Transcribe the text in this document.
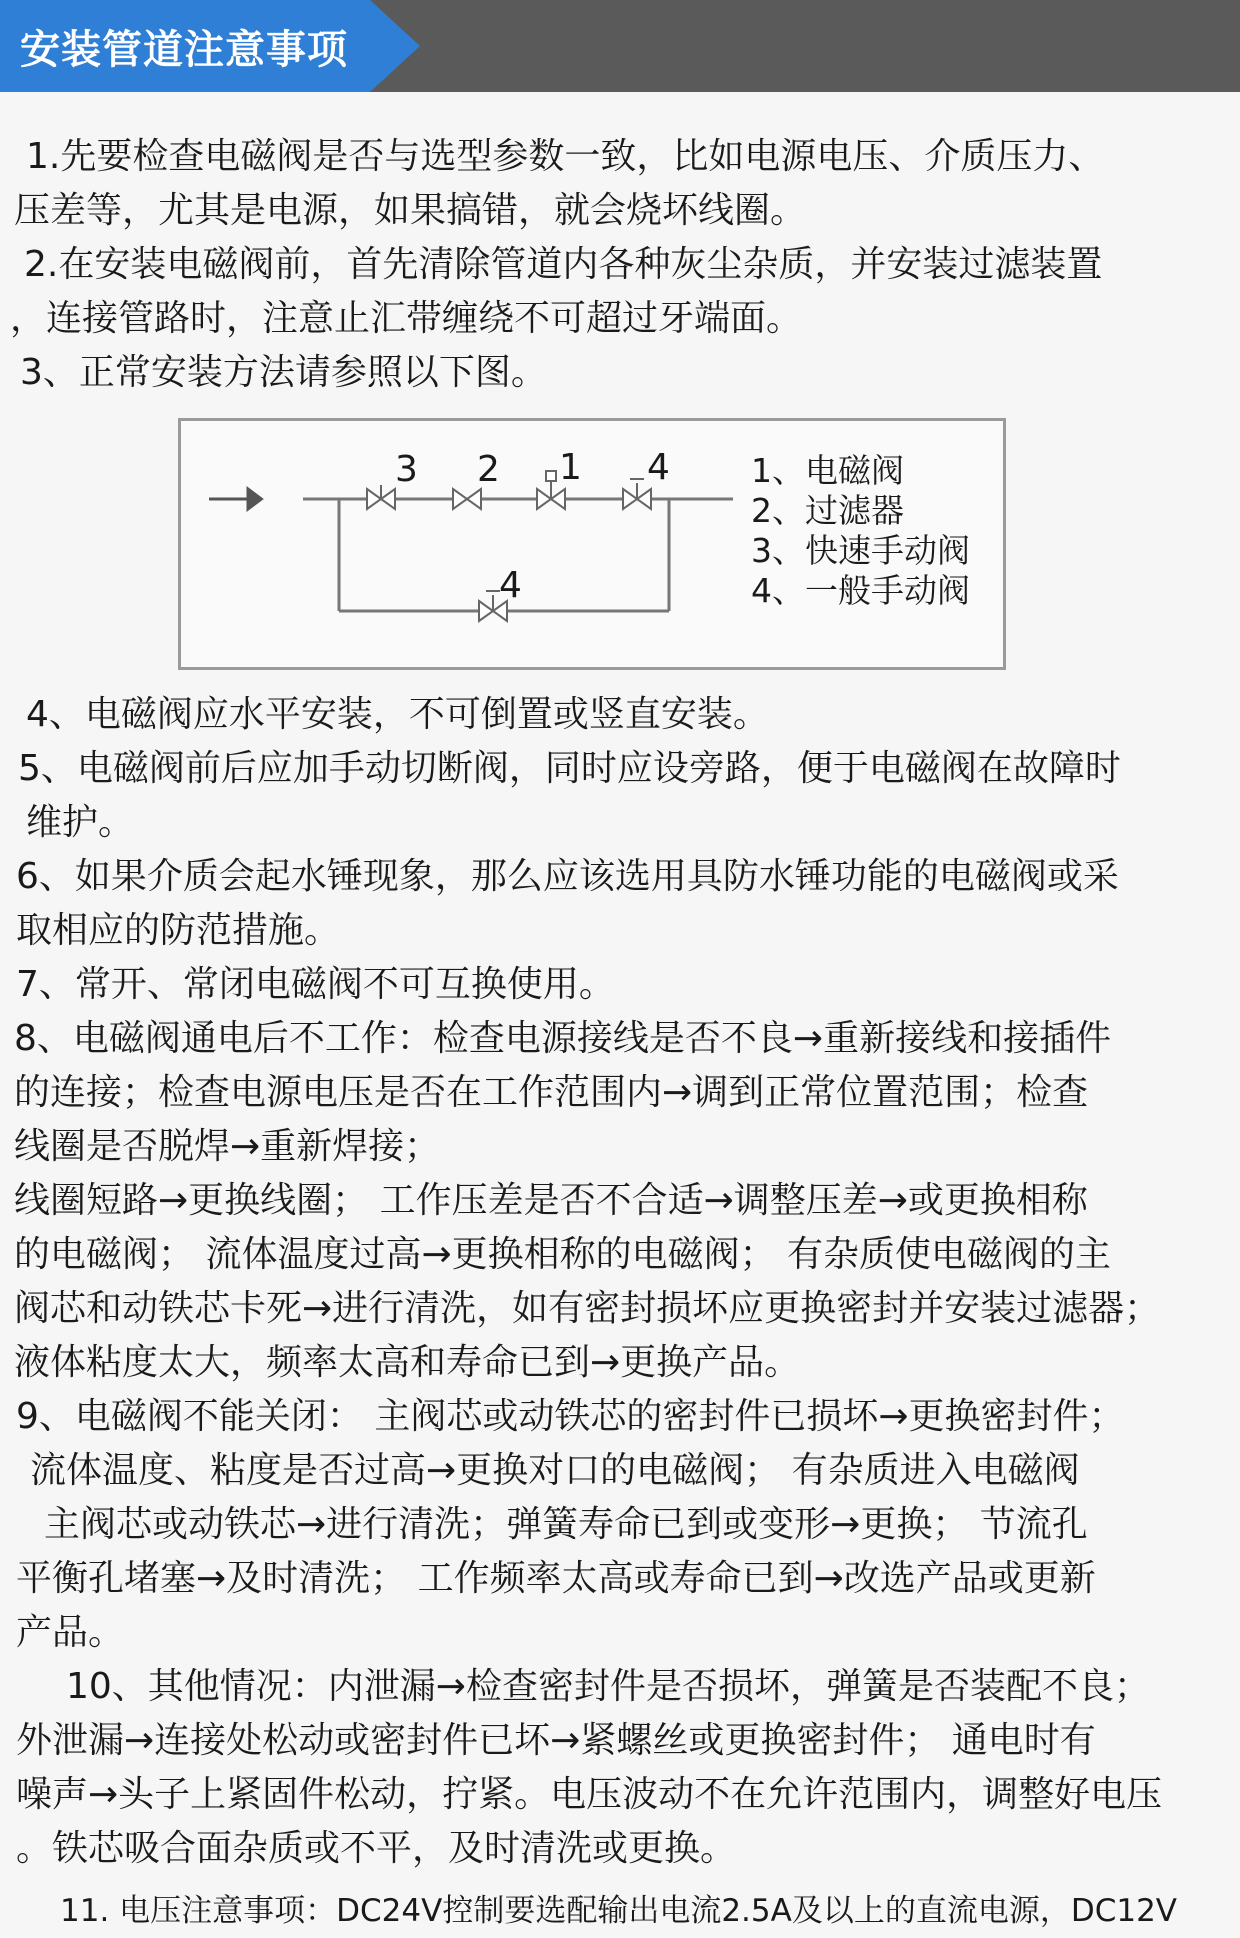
安装管道注意事项
1.先要检查电磁阀是否与选型参数一致，比如电源电压、介质压力、
压差等，尤其是电源，如果搞错，就会烧坏线圈。
2.在安装电磁阀前，首先清除管道内各种灰尘杂质，并安装过滤装置
，连接管路时，注意止汇带缠绕不可超过牙端面。
3、正常安装方法请参照以下图。
3 2 1 4
4
1、电磁阀
2、过滤器
3、快速手动阀
4、一般手动阀
4、电磁阀应水平安装，不可倒置或竖直安装。
5、电磁阀前后应加手动切断阀，同时应设旁路，便于电磁阀在故障时
维护。
6、如果介质会起水锤现象，那么应该选用具防水锤功能的电磁阀或采
取相应的防范措施。
7、常开、常闭电磁阀不可互换使用。
8、电磁阀通电后不工作：检查电源接线是否不良→重新接线和接插件
的连接；检查电源电压是否在工作范围内→调到正常位置范围；检查
线圈是否脱焊→重新焊接；
线圈短路→更换线圈； 工作压差是否不合适→调整压差→或更换相称
的电磁阀； 流体温度过高→更换相称的电磁阀； 有杂质使电磁阀的主
阀芯和动铁芯卡死→进行清洗，如有密封损坏应更换密封并安装过滤器；
液体粘度太大，频率太高和寿命已到→更换产品。
9、电磁阀不能关闭： 主阀芯或动铁芯的密封件已损坏→更换密封件；
流体温度、粘度是否过高→更换对口的电磁阀； 有杂质进入电磁阀
主阀芯或动铁芯→进行清洗；弹簧寿命已到或变形→更换； 节流孔
平衡孔堵塞→及时清洗； 工作频率太高或寿命已到→改选产品或更新
产品。
10、其他情况：内泄漏→检查密封件是否损坏，弹簧是否装配不良；
外泄漏→连接处松动或密封件已坏→紧螺丝或更换密封件； 通电时有
噪声→头子上紧固件松动，拧紧。电压波动不在允许范围内，调整好电压
。铁芯吸合面杂质或不平，及时清洗或更换。
11. 电压注意事项：DC24V控制要选配输出电流2.5A及以上的直流电源，DC12V
